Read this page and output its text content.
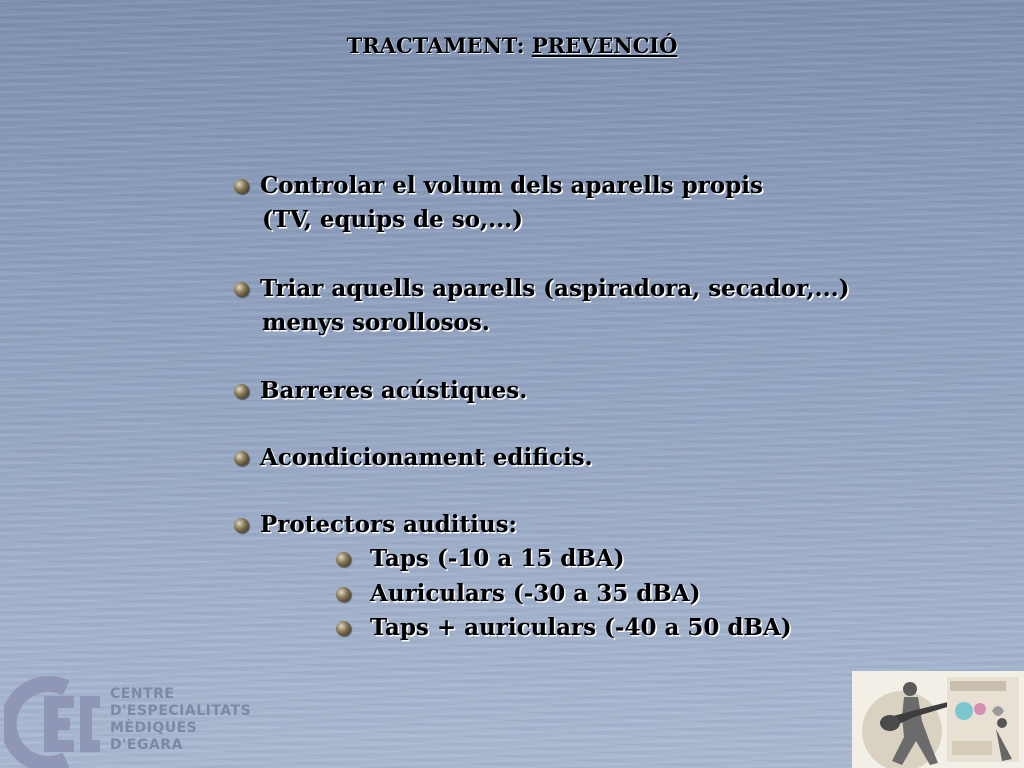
TRACTAMENT: PREVENCIÓ
Controlar el volum dels aparells propis
(TV, equips de so,...)
Triar aquells aparells (aspiradora, secador,...)
menys sorollosos.
Barreres acústiques.
Acondicionament edificis.
Protectors auditius:
Taps (-10 a 15 dBA)
Auriculars (-30 a 35 dBA)
Taps + auriculars (-40 a 50 dBA)
CENTRE
D'ESPECIALITATS
MÈDIQUES
D'EGARA
